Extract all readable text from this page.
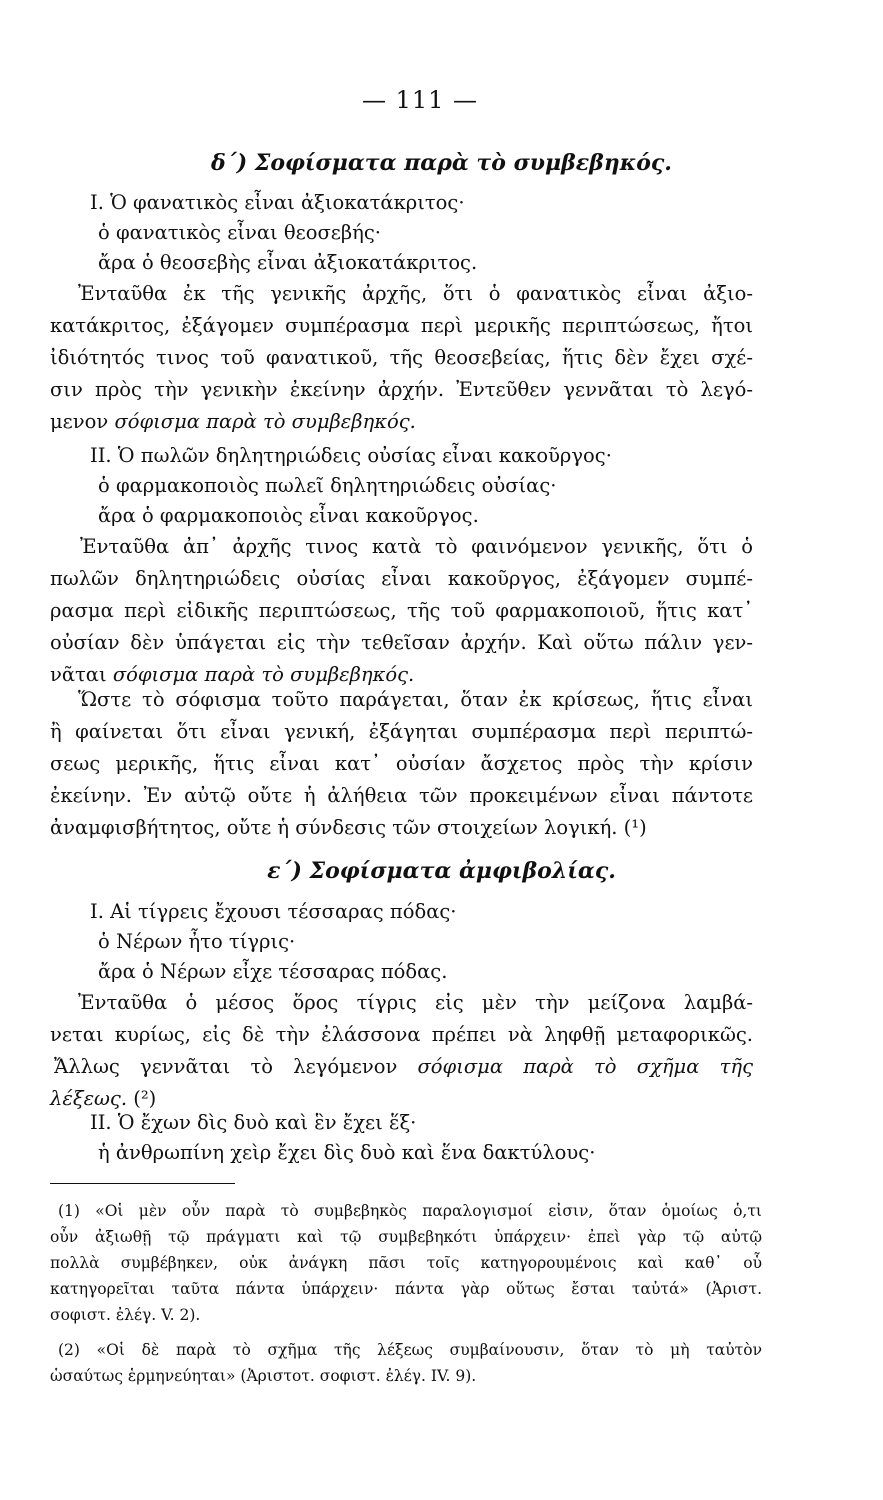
— 111 —
δ΄) Σοφίσματα παρὰ τὸ συμβεβηκός.
I. Ὁ φανατικὸς εἶναι ἀξιοκατάκριτος·
ὁ φανατικὸς εἶναι θεοσεβής·
ἄρα ὁ θεοσεβὴς εἶναι ἀξιοκατάκριτος.
Ἐνταῦθα ἐκ τῆς γενικῆς ἀρχῆς, ὅτι ὁ φανατικὸς εἶναι ἀξιο-
κατάκριτος, ἐξάγομεν συμπέρασμα περὶ μερικῆς περιπτώσεως, ἤτοι
ἰδιότητός τινος τοῦ φανατικοῦ, τῆς θεοσεβείας, ἥτις δὲν ἔχει σχέ-
σιν πρὸς τὴν γενικὴν ἐκείνην ἀρχήν. Ἐντεῦθεν γεννᾶται τὸ λεγό-
μενον σόφισμα παρὰ τὸ συμβεβηκός.
II. Ὁ πωλῶν δηλητηριώδεις οὐσίας εἶναι κακοῦργος·
ὁ φαρμακοποιὸς πωλεῖ δηλητηριώδεις οὐσίας·
ἄρα ὁ φαρμακοποιὸς εἶναι κακοῦργος.
Ἐνταῦθα ἀπ᾽ ἀρχῆς τινος κατὰ τὸ φαινόμενον γενικῆς, ὅτι ὁ
πωλῶν δηλητηριώδεις οὐσίας εἶναι κακοῦργος, ἐξάγομεν συμπέ-
ρασμα περὶ εἰδικῆς περιπτώσεως, τῆς τοῦ φαρμακοποιοῦ, ἥτις κατ᾽
οὐσίαν δὲν ὑπάγεται εἰς τὴν τεθεῖσαν ἀρχήν. Καὶ οὕτω πάλιν γεν-
νᾶται σόφισμα παρὰ τὸ συμβεβηκός.
Ὥστε τὸ σόφισμα τοῦτο παράγεται, ὅταν ἐκ κρίσεως, ἥτις εἶναι
ἢ φαίνεται ὅτι εἶναι γενική, ἐξάγηται συμπέρασμα περὶ περιπτώ-
σεως μερικῆς, ἥτις εἶναι κατ᾽ οὐσίαν ἄσχετος πρὸς τὴν κρίσιν
ἐκείνην. Ἐν αὐτῷ οὔτε ἡ ἀλήθεια τῶν προκειμένων εἶναι πάντοτε
ἀναμφισβήτητος, οὔτε ἡ σύνδεσις τῶν στοιχείων λογική. (¹)
ε΄) Σοφίσματα ἀμφιβολίας.
I. Αἱ τίγρεις ἔχουσι τέσσαρας πόδας·
ὁ Νέρων ἦτο τίγρις·
ἄρα ὁ Νέρων εἶχε τέσσαρας πόδας.
Ἐνταῦθα ὁ μέσος ὅρος τίγρις εἰς μὲν τὴν μείζονα λαμβά-
νεται κυρίως, εἰς δὲ τὴν ἐλάσσονα πρέπει νὰ ληφθῇ μεταφορικῶς.
Ἄλλως γεννᾶται τὸ λεγόμενον σόφισμα παρὰ τὸ σχῆμα τῆς
λέξεως. (²)
II. Ὁ ἔχων δὶς δυὸ καὶ ἓν ἔχει ἕξ·
ἡ ἀνθρωπίνη χεὶρ ἔχει δὶς δυὸ καὶ ἕνα δακτύλους·
(1) «Οἱ μὲν οὖν παρὰ τὸ συμβεβηκὸς παραλογισμοί εἰσιν, ὅταν ὁμοίως ὁ,τι
οὖν ἀξιωθῇ τῷ πράγματι καὶ τῷ συμβεβηκότι ὑπάρχειν· ἐπεὶ γὰρ τῷ αὐτῷ
πολλὰ συμβέβηκεν, οὐκ ἀνάγκη πᾶσι τοῖς κατηγορουμένοις καὶ καθ᾽ οὗ
κατηγορεῖται ταῦτα πάντα ὑπάρχειν· πάντα γὰρ οὕτως ἔσται ταὐτά» (Ἀριστ.
σοφιστ. ἐλέγ. V. 2).
(2) «Οἱ δὲ παρὰ τὸ σχῆμα τῆς λέξεως συμβαίνουσιν, ὅταν τὸ μὴ ταὐτὸν
ὡσαύτως ἑρμηνεύηται» (Ἀριστοτ. σοφιστ. ἐλέγ. IV. 9).
